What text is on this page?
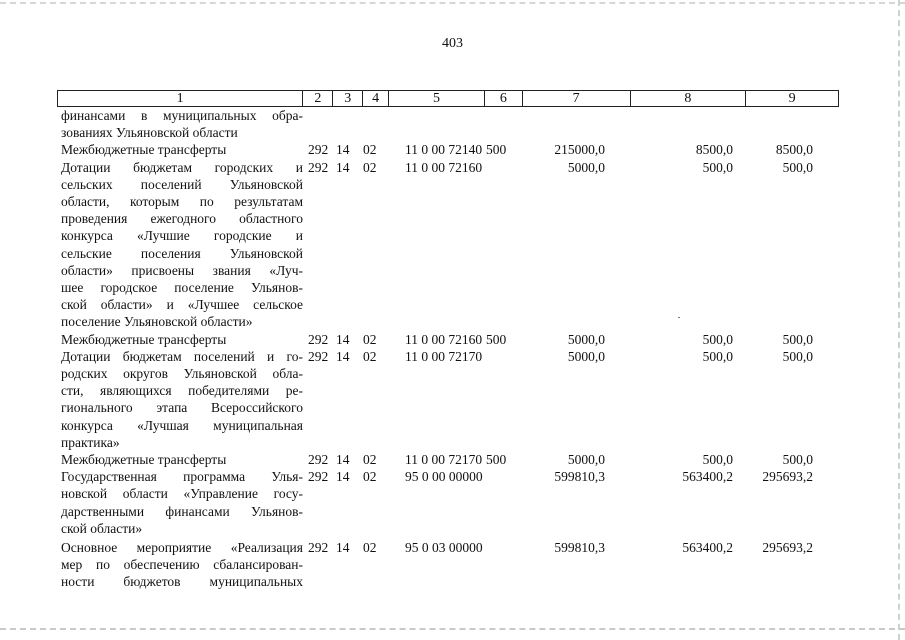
403
1	2	3	4	5	6	7	8	9
финансами в муниципальных обра-
зованиях Ульяновской области
Межбюджетные трансферты	292 14	02	11 0 00 72140 500	215000,0	8500,0	8500,0
Дотации бюджетам городских и
сельских поселений Ульяновской
области, которым по результатам
проведения ежегодного областного
конкурса «Лучшие городские и
сельские поселения Ульяновской
области» присвоены звания «Луч-
шее городское поселение Ульянов-
ской области» и «Лучшее сельское
поселение Ульяновской области»
292 14	02	11 0 00 72160	5000,0	500,0	500,0
Межбюджетные трансферты	292 14	02	11 0 00 72160 500	5000,0	500,0	500,0
Дотации бюджетам поселений и го-
родских округов Ульяновской обла-
сти, являющихся победителями ре-
гионального этапа Всероссийского
конкурса «Лучшая муниципальная
практика»
292 14	02	11 0 00 72170	5000,0	500,0	500,0
Межбюджетные трансферты	292 14	02	11 0 00 72170 500	5000,0	500,0	500,0
Государственная программа Улья-
новской области «Управление госу-
дарственными финансами Ульянов-
ской области»
292 14	02	95 0 00 00000	599810,3	563400,2	295693,2
Основное мероприятие «Реализация
мер по обеспечению сбалансирован-
ности бюджетов муниципальных
292 14	02	95 0 03 00000	599810,3	563400,2	295693,2
